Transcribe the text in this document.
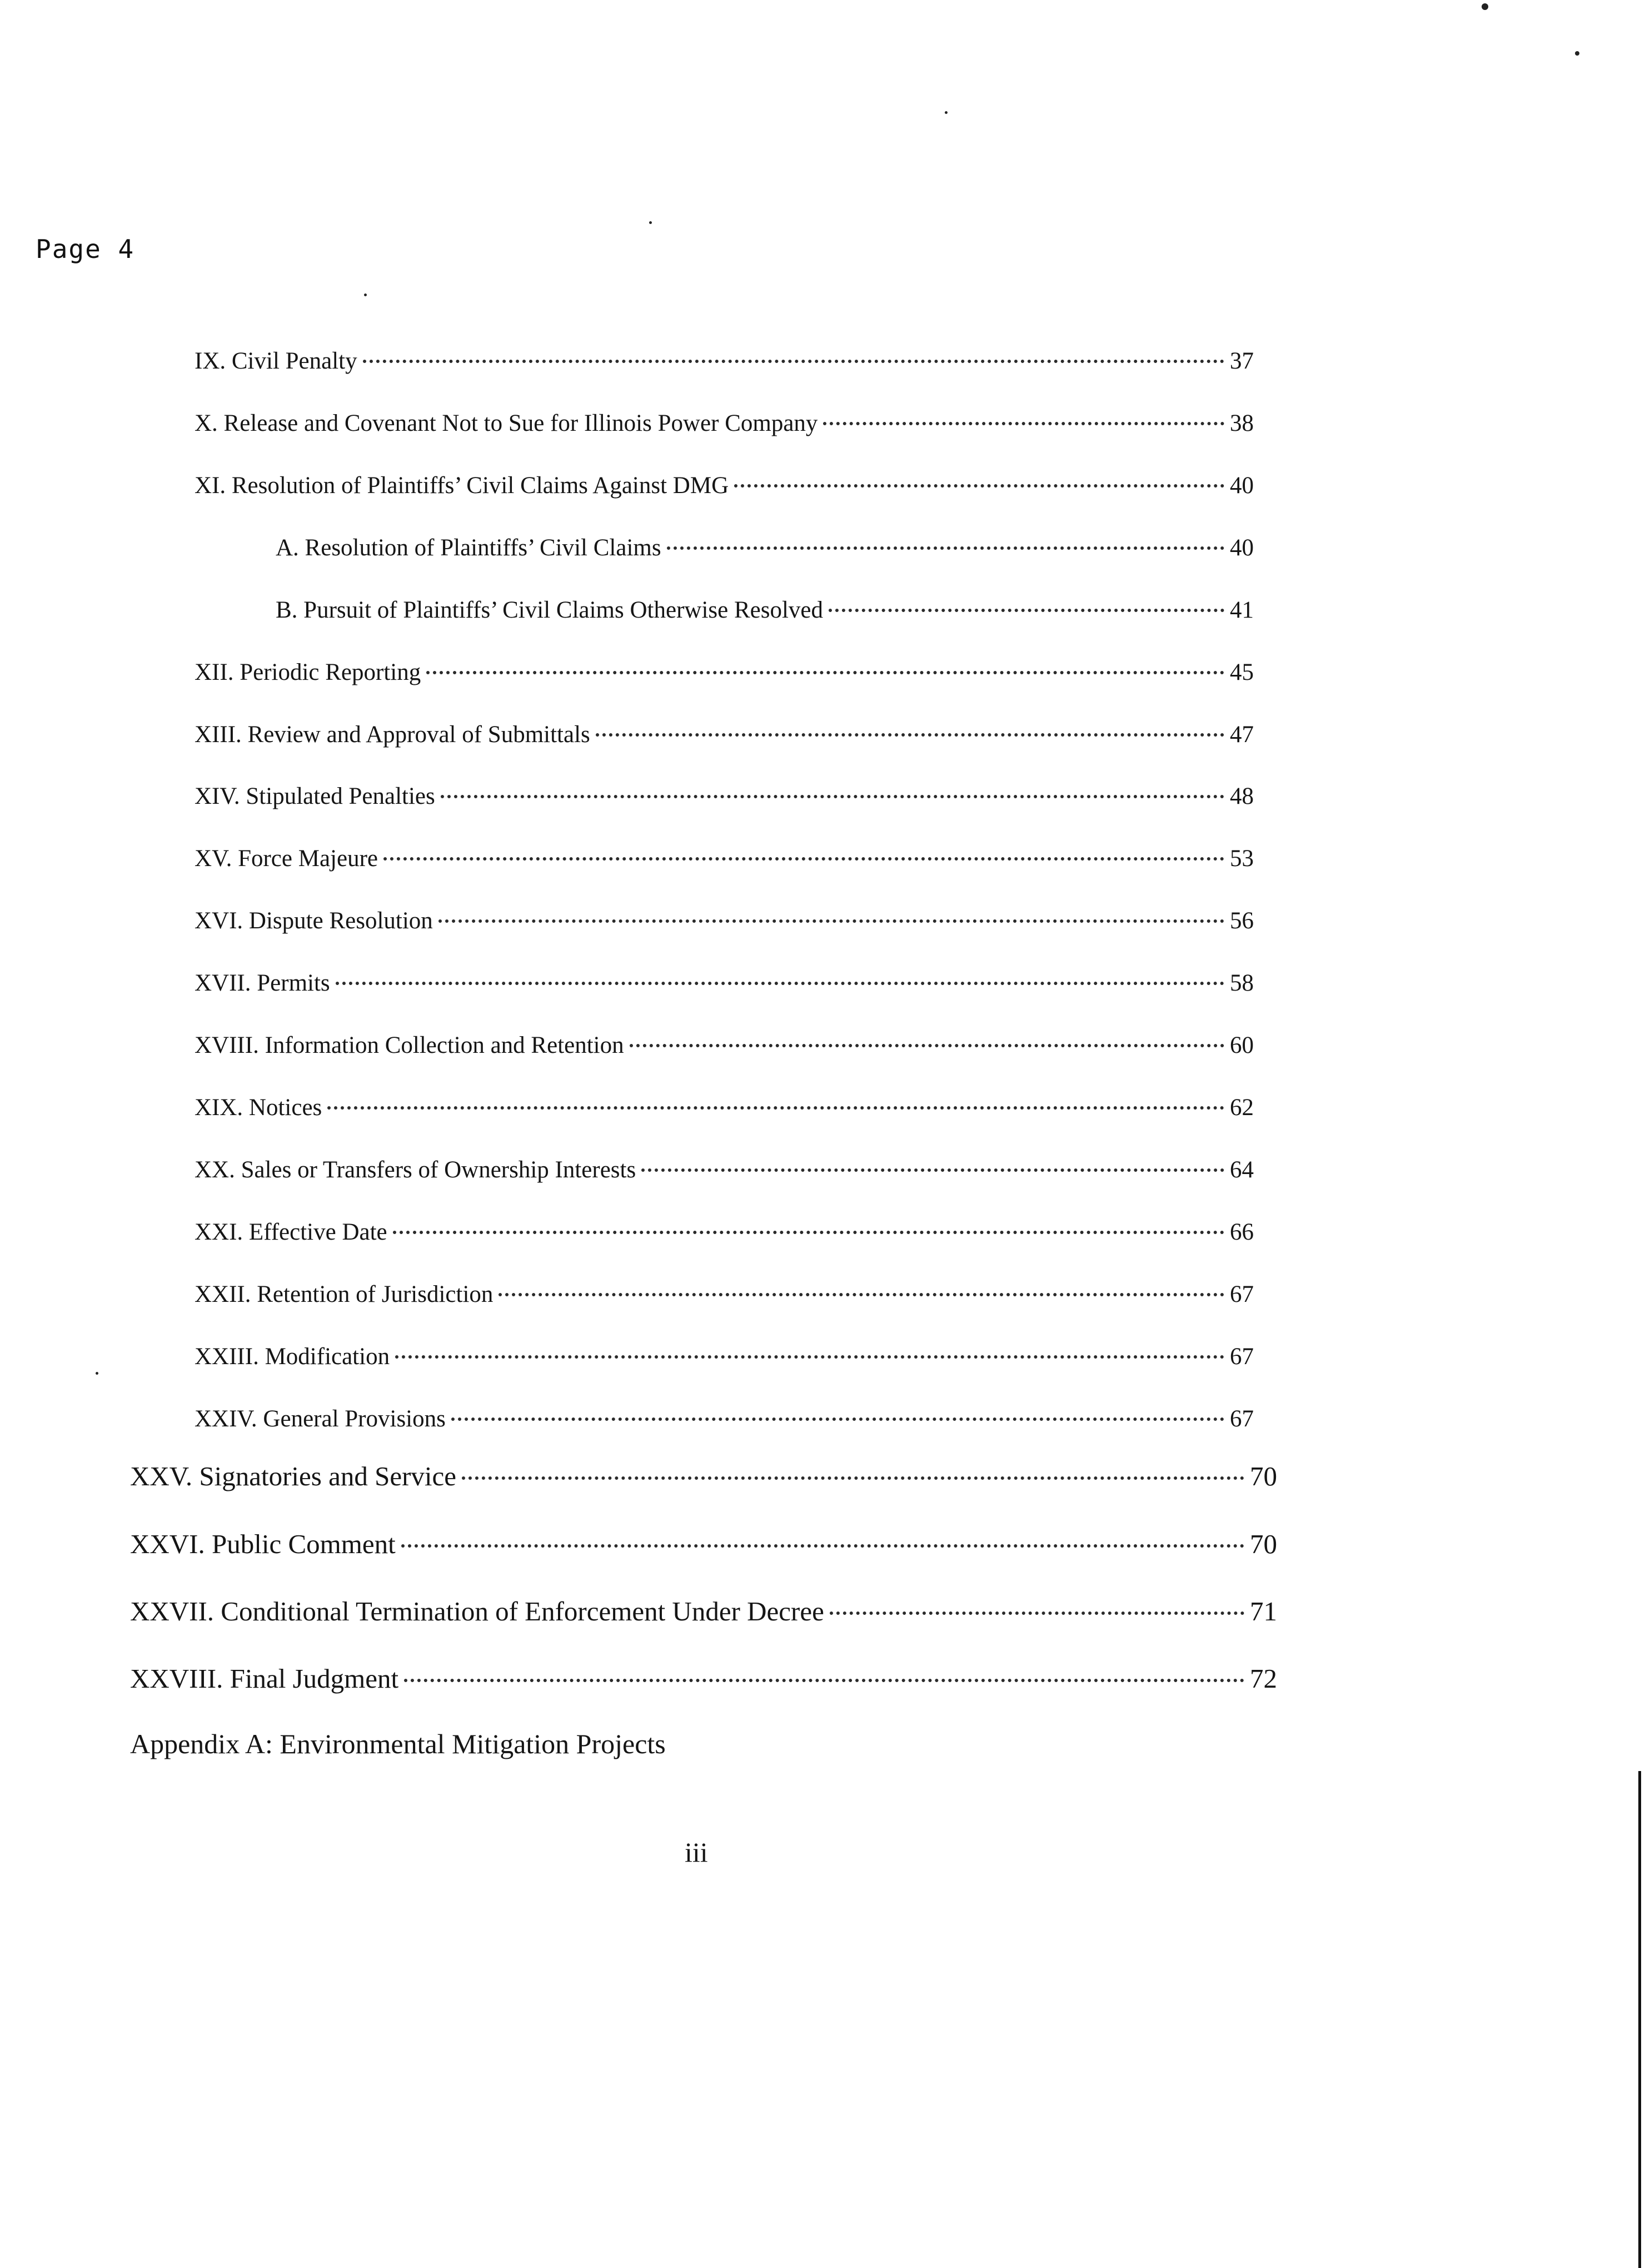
Page 4
IX. Civil Penalty	37
X. Release and Covenant Not to Sue for Illinois Power Company	38
XI. Resolution of Plaintiffs’ Civil Claims Against DMG	40
A. Resolution of Plaintiffs’ Civil Claims	40
B. Pursuit of Plaintiffs’ Civil Claims Otherwise Resolved	41
XII. Periodic Reporting	45
XIII. Review and Approval of Submittals	47
XIV. Stipulated Penalties	48
XV. Force Majeure	53
XVI. Dispute Resolution	56
XVII. Permits	58
XVIII. Information Collection and Retention	60
XIX. Notices	62
XX. Sales or Transfers of Ownership Interests	64
XXI. Effective Date	66
XXII. Retention of Jurisdiction	67
XXIII. Modification	67
XXIV. General Provisions	67
XXV. Signatories and Service	70
XXVI. Public Comment	70
XXVII. Conditional Termination of Enforcement Under Decree	71
XXVIII. Final Judgment	72
Appendix A: Environmental Mitigation Projects
iii
